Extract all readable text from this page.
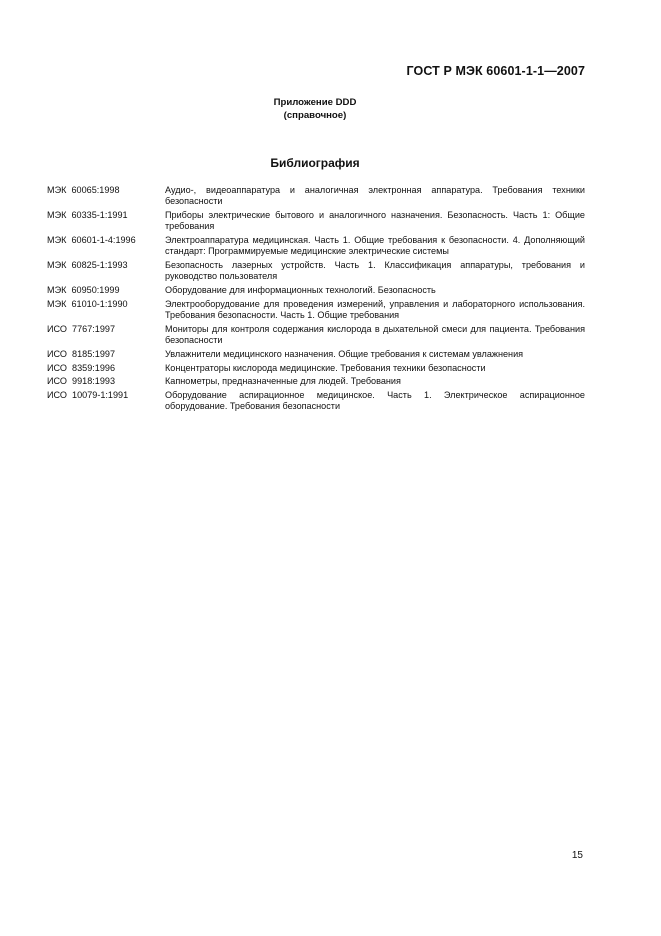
ГОСТ Р МЭК 60601-1-1—2007
Приложение DDD
(справочное)
Библиография
МЭК  60065:1998	Аудио-, видеоаппаратура и аналогичная электронная аппаратура. Требования техники безопасности
МЭК  60335-1:1991	Приборы электрические бытового и аналогичного назначения. Безопасность. Часть 1: Общие требования
МЭК  60601-1-4:1996	Электроаппаратура медицинская. Часть 1. Общие требования к безопасности. 4. Дополняющий стандарт: Программируемые медицинские электрические системы
МЭК  60825-1:1993	Безопасность лазерных устройств. Часть 1. Классификация аппаратуры, требования и руководство пользователя
МЭК  60950:1999	Оборудование для информационных технологий. Безопасность
МЭК  61010-1:1990	Электрооборудование для проведения измерений, управления и лабораторного использования. Требования безопасности. Часть 1. Общие требования
ИСО  7767:1997	Мониторы для контроля содержания кислорода в дыхательной смеси для пациента. Требования безопасности
ИСО  8185:1997	Увлажнители медицинского назначения. Общие требования к системам увлажнения
ИСО  8359:1996	Концентраторы кислорода медицинские. Требования техники безопасности
ИСО  9918:1993	Капнометры, предназначенные для людей. Требования
ИСО  10079-1:1991	Оборудование аспирационное медицинское. Часть 1. Электрическое аспирационное оборудование. Требования безопасности
15
